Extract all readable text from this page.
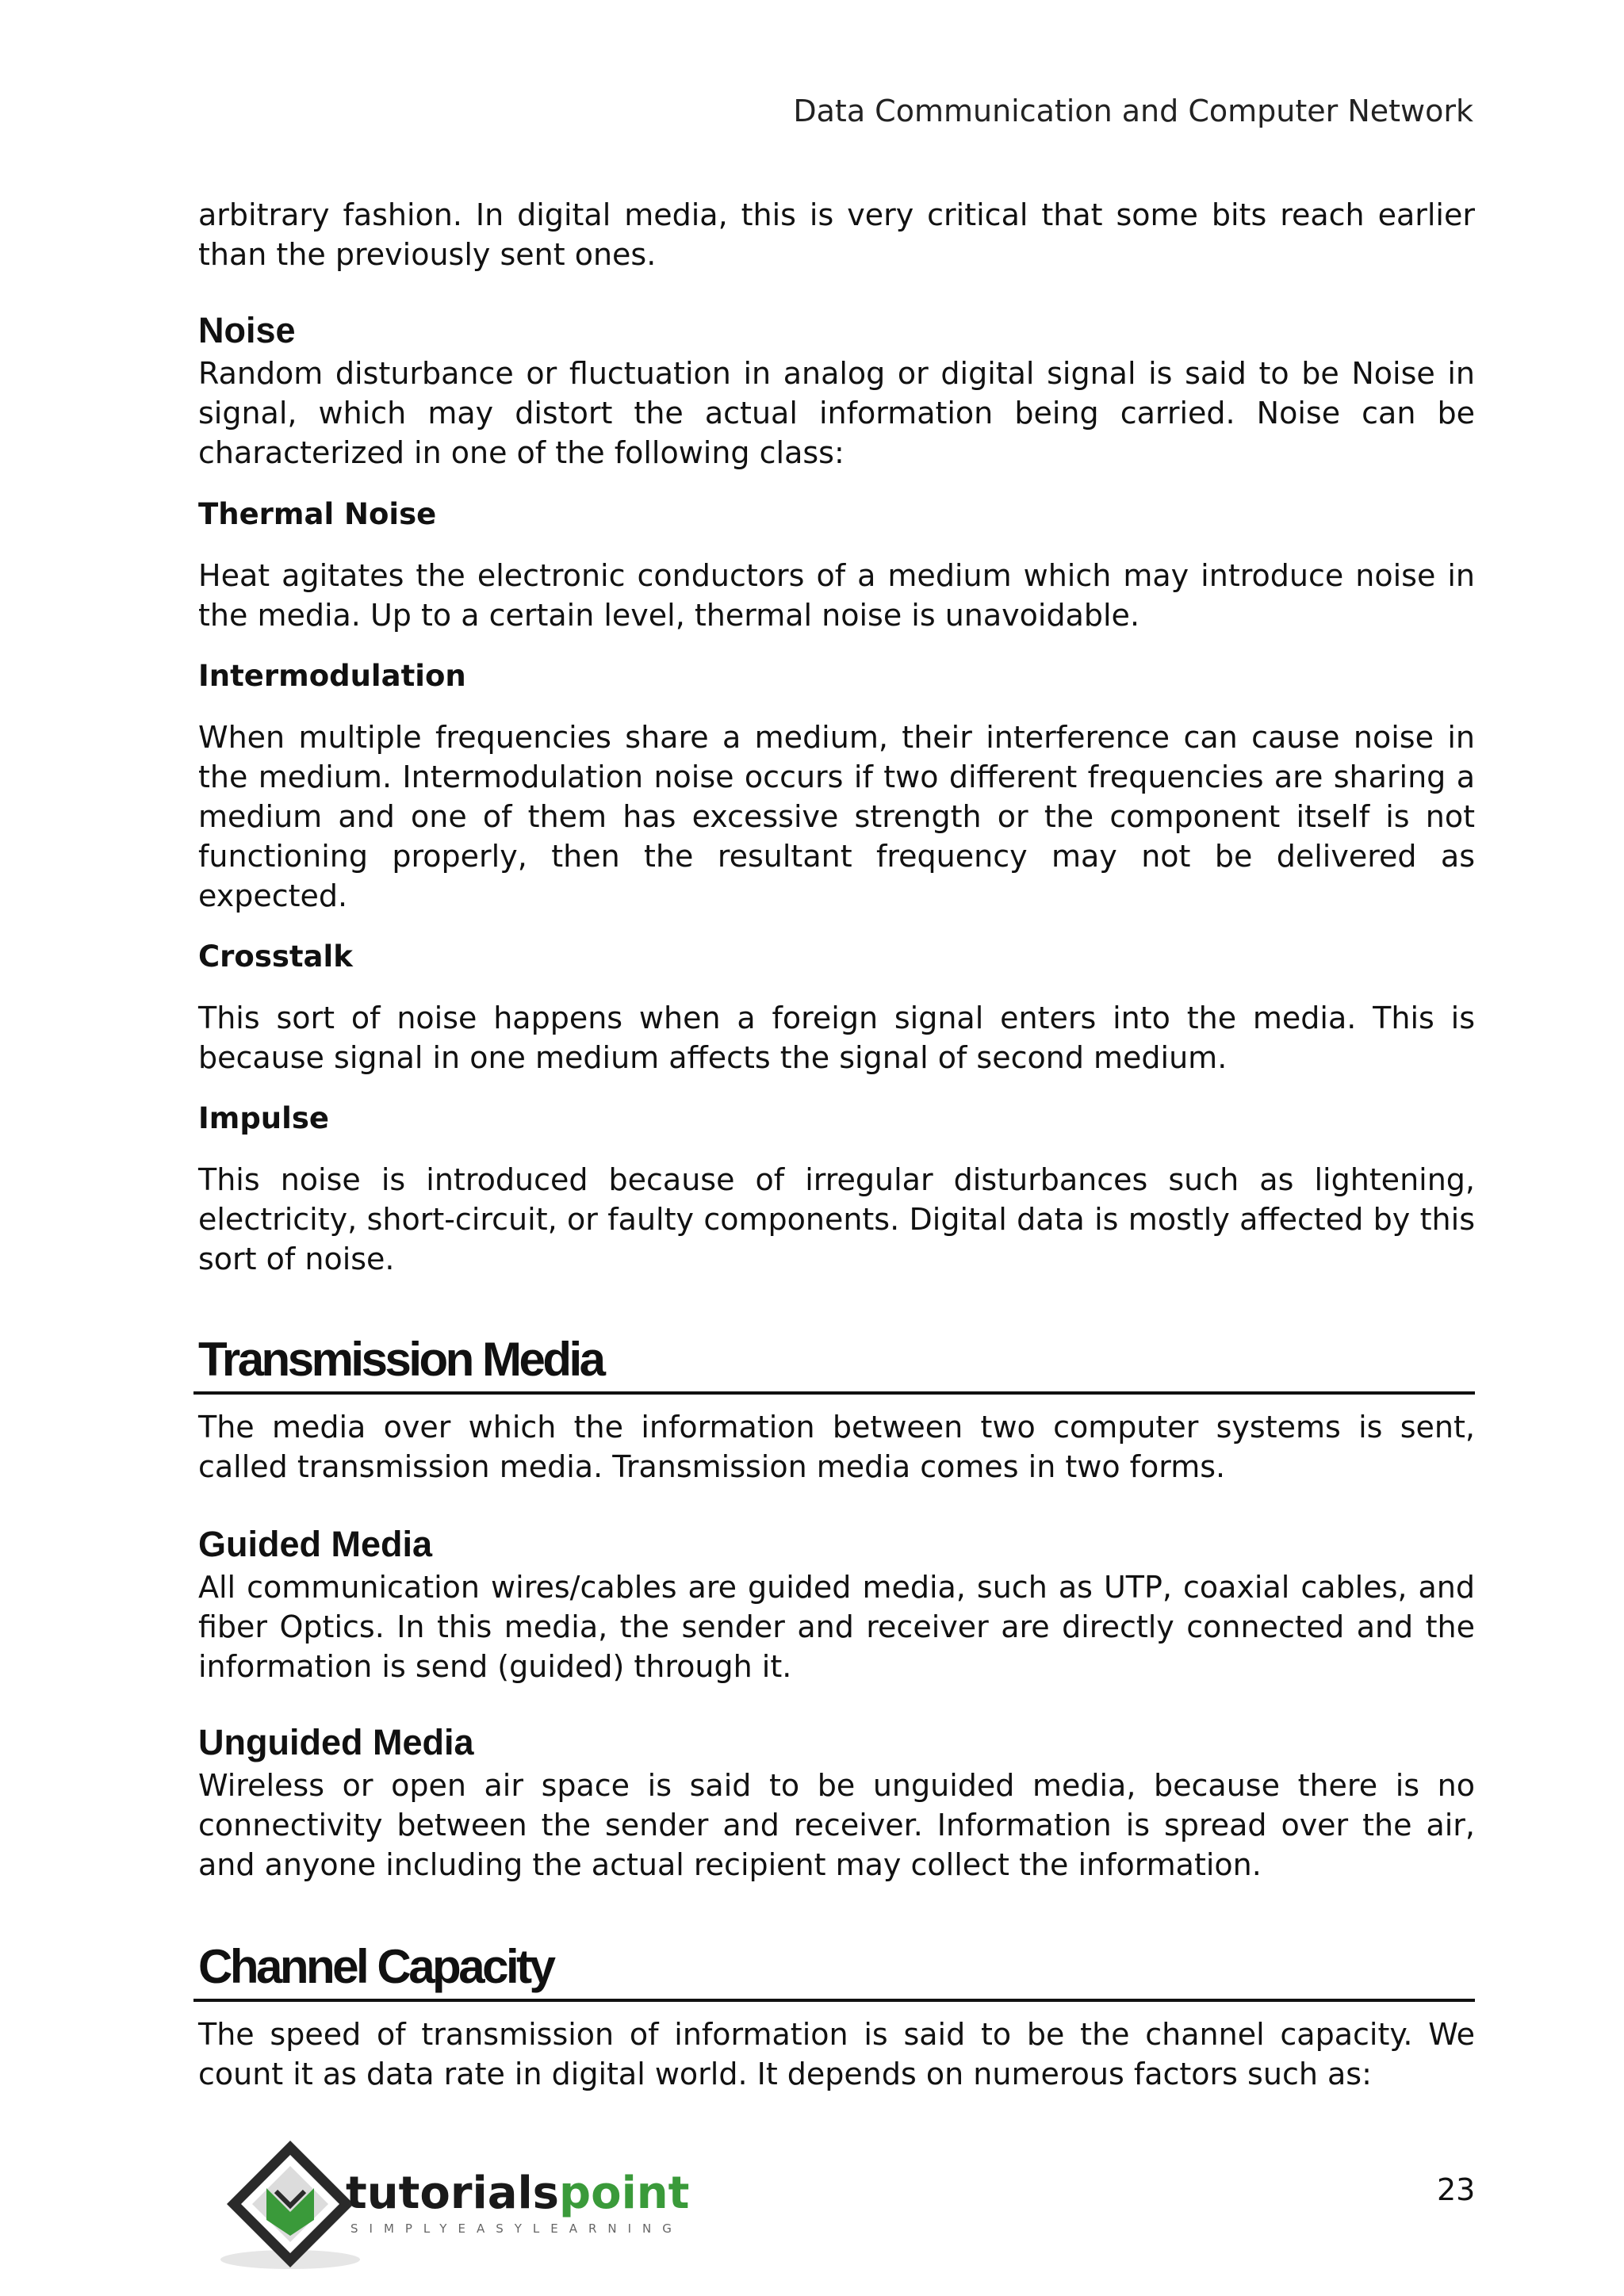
Data Communication and Computer Network

arbitrary fashion. In digital media, this is very critical that some bits reach earlier than the previously sent ones.

Noise

Random disturbance or fluctuation in analog or digital signal is said to be Noise in signal, which may distort the actual information being carried. Noise can be characterized in one of the following class:

Thermal Noise

Heat agitates the electronic conductors of a medium which may introduce noise in the media. Up to a certain level, thermal noise is unavoidable.

Intermodulation

When multiple frequencies share a medium, their interference can cause noise in the medium. Intermodulation noise occurs if two different frequencies are sharing a medium and one of them has excessive strength or the component itself is not functioning properly, then the resultant frequency may not be delivered as expected.

Crosstalk

This sort of noise happens when a foreign signal enters into the media. This is because signal in one medium affects the signal of second medium.

Impulse

This noise is introduced because of irregular disturbances such as lightening, electricity, short-circuit, or faulty components. Digital data is mostly affected by this sort of noise.

Transmission Media

The media over which the information between two computer systems is sent, called transmission media. Transmission media comes in two forms.

Guided Media

All communication wires/cables are guided media, such as UTP, coaxial cables, and fiber Optics. In this media, the sender and receiver are directly connected and the information is send (guided) through it.

Unguided Media

Wireless or open air space is said to be unguided media, because there is no connectivity between the sender and receiver. Information is spread over the air, and anyone including the actual recipient may collect the information.

Channel Capacity

The speed of transmission of information is said to be the channel capacity. We count it as data rate in digital world. It depends on numerous factors such as:

tutorialspoint
SIMPLYEASYLEARNING
23
